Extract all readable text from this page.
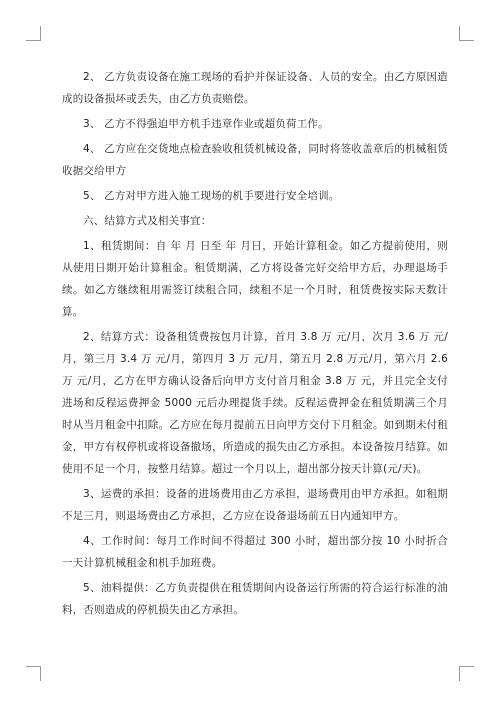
2、 乙方负责设备在施工现场的看护并保证设备、人员的安全。由乙方原因造成的设备损坏或丢失，由乙方负责赔偿。

3、 乙方不得强迫甲方机手违章作业或超负荷工作。

4、 乙方应在交货地点检查验收租赁机械设备，同时将签收盖章后的机械租赁收据交给甲方

5、 乙方对甲方进入施工现场的机手要进行安全培训。

六、结算方式及相关事宜：

1、租赁期间：自 年 月 日至 年 月日，开始计算租金。如乙方提前使用，则从使用日期开始计算租金。租赁期满，乙方将设备完好交给甲方后，办理退场手续。如乙方继续租用需签订续租合同，续租不足一个月时，租赁费按实际天数计算。

2、结算方式：设备租赁费按包月计算，首月 3.8 万 元/月，次月 3.6 万 元/月，第三月 3.4 万 元/月，第四月 3 万 元/月，第五月 2.8 万元/月，第六月 2.6 万 元/月，乙方在甲方确认设备后向甲方支付首月租金 3.8 万 元，并且完全支付进场和反程运费押金 5000 元后办理提货手续。反程运费押金在租赁期满三个月时从当月租金中扣除。乙方应在每月提前五日向甲方交付下月租金。如到期未付租金，甲方有权停机或将设备撤场，所造成的损失由乙方承担。本设备按月结算。如使用不足一个月，按整月结算。超过一个月以上，超出部分按天计算(元/天)。

3、运费的承担：设备的进场费用由乙方承担，退场费用由甲方承担。如租期不足三月，则退场费由乙方承担，乙方应在设备退场前五日内通知甲方。

4、工作时间：每月工作时间不得超过 300 小时，超出部分按 10 小时折合一天计算机械租金和机手加班费。

5、油料提供：乙方负责提供在租赁期间内设备运行所需的符合运行标准的油料，否则造成的停机损失由乙方承担。
